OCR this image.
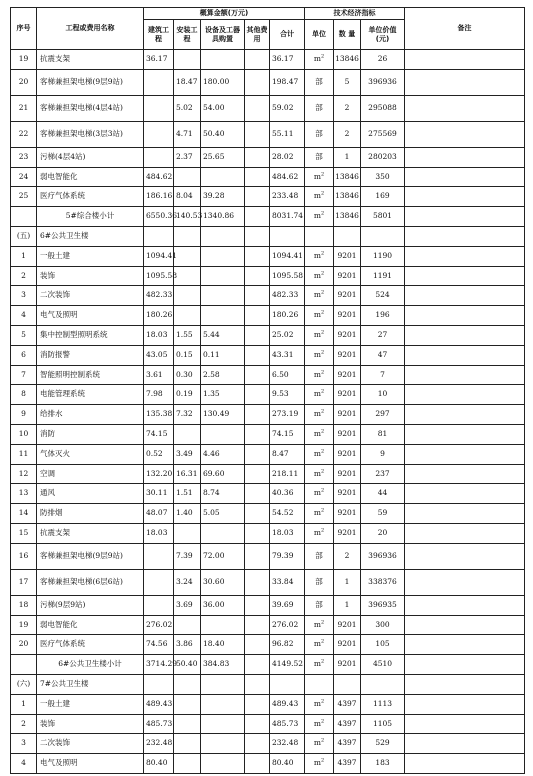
序号	工程或费用名称	概算金额(万元)					技术经济指标			备注
		建筑工程	安装工程	设备及工器具购置	其他费用	合计	单位	数 量	单位价值(元)	
19	抗震支架	36.17				36.17	$m^2$	13846	26	
20	客梯兼担架电梯(9层9站)		18.47	180.00		198.47	部	5	396936	
21	客梯兼担架电梯(4层4站)		5.02	54.00		59.02	部	2	295088	
22	客梯兼担架电梯(3层3站)		4.71	50.40		55.11	部	2	275569	
23	污梯(4层4站)		2.37	25.65		28.02	部	1	280203	
24	弱电智能化	484.62				484.62	$m^2$	13846	350	
25	医疗气体系统	186.16	8.04	39.28		233.48	$m^2$	13846	169	
	5#综合楼小计	6550.36	140.53	1340.86		8031.74	$m^2$	13846	5801	
(五)	6#公共卫生楼									
1	一般土建	1094.41				1094.41	$m^2$	9201	1190	
2	装饰	1095.58				1095.58	$m^2$	9201	1191	
3	二次装饰	482.33				482.33	$m^2$	9201	524	
4	电气及照明	180.26				180.26	$m^2$	9201	196	
5	集中控制型照明系统	18.03	1.55	5.44		25.02	$m^2$	9201	27	
6	消防报警	43.05	0.15	0.11		43.31	$m^2$	9201	47	
7	智能照明控制系统	3.61	0.30	2.58		6.50	$m^2$	9201	7	
8	电能管理系统	7.98	0.19	1.35		9.53	$m^2$	9201	10	
9	给排水	135.38	7.32	130.49		273.19	$m^2$	9201	297	
10	消防	74.15				74.15	$m^2$	9201	81	
11	气体灭火	0.52	3.49	4.46		8.47	$m^2$	9201	9	
12	空调	132.20	16.31	69.60		218.11	$m^2$	9201	237	
13	通风	30.11	1.51	8.74		40.36	$m^2$	9201	44	
14	防排烟	48.07	1.40	5.05		54.52	$m^2$	9201	59	
15	抗震支架	18.03				18.03	$m^2$	9201	20	
16	客梯兼担架电梯(9层9站)		7.39	72.00		79.39	部	2	396936	
17	客梯兼担架电梯(6层6站)		3.24	30.60		33.84	部	1	338376	
18	污梯(9层9站)		3.69	36.00		39.69	部	1	396935	
19	弱电智能化	276.02				276.02	$m^2$	9201	300	
20	医疗气体系统	74.56	3.86	18.40		96.82	$m^2$	9201	105	
	6#公共卫生楼小计	3714.29	50.40	384.83		4149.52	$m^2$	9201	4510	
(六)	7#公共卫生楼									
1	一般土建	489.43				489.43	$m^2$	4397	1113	
2	装饰	485.73				485.73	$m^2$	4397	1105	
3	二次装饰	232.48				232.48	$m^2$	4397	529	
4	电气及照明	80.40				80.40	$m^2$	4397	183	
